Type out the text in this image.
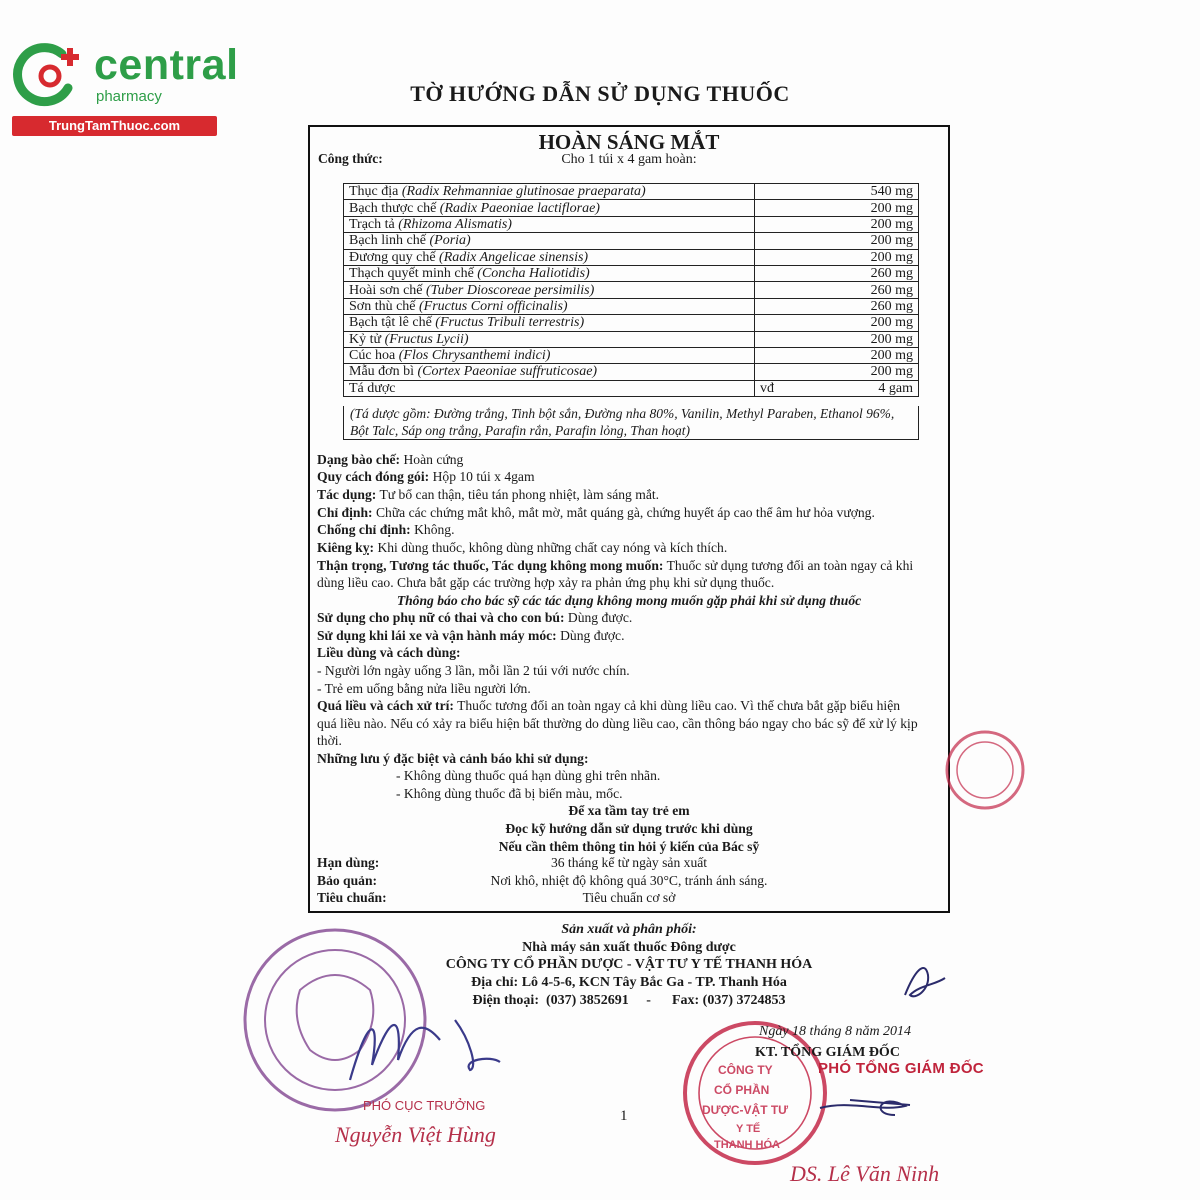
central
pharmacy
TrungTamThuoc.com
TỜ HƯỚNG DẪN SỬ DỤNG THUỐC
HOÀN SÁNG MẮT
Công thức:	Cho 1 túi x 4 gam hoàn:
Thục địa (Radix Rehmanniae glutinosae praeparata)	540 mg
Bạch thược chế (Radix Paeoniae lactiflorae)	200 mg
Trạch tả (Rhizoma Alismatis)	200 mg
Bạch linh chế (Poria)	200 mg
Đương quy chế (Radix Angelicae sinensis)	200 mg
Thạch quyết minh chế (Concha Haliotidis)	260 mg
Hoài sơn chế (Tuber Dioscoreae persimilis)	260 mg
Sơn thù chế (Fructus Corni officinalis)	260 mg
Bạch tật lê chế (Fructus Tribuli terrestris)	200 mg
Kỷ tử (Fructus Lycii)	200 mg
Cúc hoa (Flos Chrysanthemi indici)	200 mg
Mẫu đơn bì (Cortex Paeoniae suffruticosae)	200 mg
Tá dược	vđ 4 gam
(Tá dược gồm: Đường trắng, Tinh bột sắn, Đường nha 80%, Vanilin, Methyl Paraben, Ethanol 96%, Bột Talc, Sáp ong trắng, Parafin rắn, Parafin lỏng, Than hoạt)
Dạng bào chế: Hoàn cứng
Quy cách đóng gói: Hộp 10 túi x 4gam
Tác dụng: Tư bổ can thận, tiêu tán phong nhiệt, làm sáng mắt.
Chỉ định: Chữa các chứng mắt khô, mắt mờ, mắt quáng gà, chứng huyết áp cao thể âm hư hỏa vượng.
Chống chỉ định: Không.
Kiêng kỵ: Khi dùng thuốc, không dùng những chất cay nóng và kích thích.
Thận trọng, Tương tác thuốc, Tác dụng không mong muốn: Thuốc sử dụng tương đối an toàn ngay cả khi
dùng liều cao. Chưa bắt gặp các trường hợp xảy ra phản ứng phụ khi sử dụng thuốc.
Thông báo cho bác sỹ các tác dụng không mong muốn gặp phải khi sử dụng thuốc
Sử dụng cho phụ nữ có thai và cho con bú: Dùng được.
Sử dụng khi lái xe và vận hành máy móc: Dùng được.
Liều dùng và cách dùng:
- Người lớn ngày uống 3 lần, mỗi lần 2 túi với nước chín.
- Trẻ em uống bằng nửa liều người lớn.
Quá liều và cách xử trí: Thuốc tương đối an toàn ngay cả khi dùng liều cao. Vì thế chưa bắt gặp biểu hiện
quá liều nào. Nếu có xảy ra biểu hiện bất thường do dùng liều cao, cần thông báo ngay cho bác sỹ để xử lý kịp
thời.
Những lưu ý đặc biệt và cảnh báo khi sử dụng:
- Không dùng thuốc quá hạn dùng ghi trên nhãn.
- Không dùng thuốc đã bị biến màu, mốc.
Để xa tầm tay trẻ em
Đọc kỹ hướng dẫn sử dụng trước khi dùng
Nếu cần thêm thông tin hỏi ý kiến của Bác sỹ
Hạn dùng:	36 tháng kể từ ngày sản xuất
Bảo quản:	Nơi khô, nhiệt độ không quá 30°C, tránh ánh sáng.
Tiêu chuẩn:	Tiêu chuẩn cơ sở
Sản xuất và phân phối:
Nhà máy sản xuất thuốc Đông dược
CÔNG TY CỔ PHẦN DƯỢC - VẬT TƯ Y TẾ THANH HÓA
Địa chỉ: Lô 4-5-6, KCN Tây Bắc Ga - TP. Thanh Hóa
Điện thoại:  (037) 3852691     -      Fax: (037) 3724853
CÔNG TY
CỔ PHẦN
DƯỢC-VẬT TƯ
Y TẾ
THANH HÓA
Ngày 18 tháng 8 năm 2014
KT. TỔNG GIÁM ĐỐC
PHÓ TỔNG GIÁM ĐỐC
DS. Lê Văn Ninh
PHÓ CỤC TRƯỞNG
Nguyễn Việt Hùng
1
